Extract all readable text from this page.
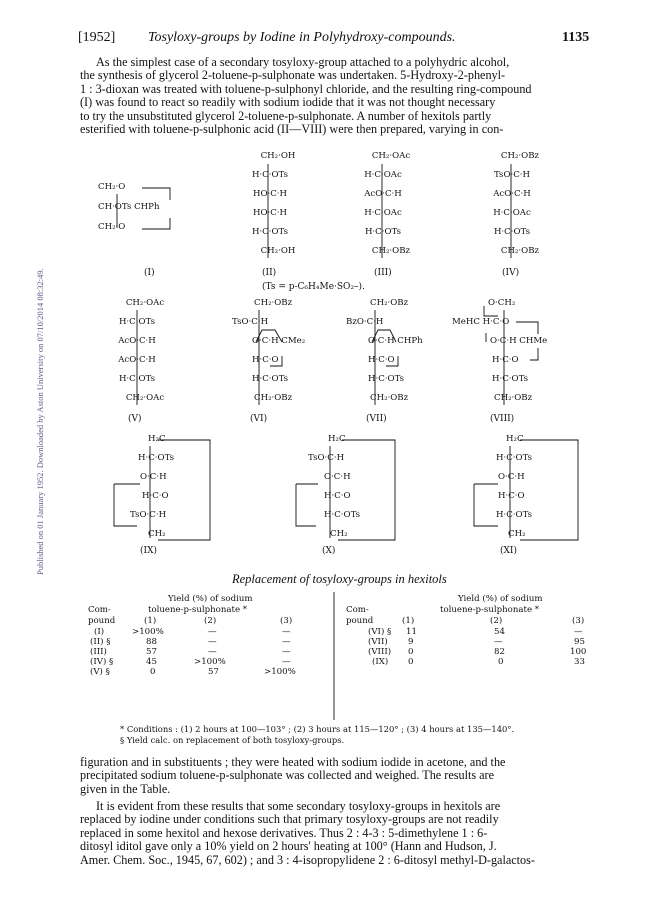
Published on 01 January 1952. Downloaded by Aston University on 07/10/2014 08:32:49.
[1952] Tosyloxy-groups by Iodine in Polyhydroxy-compounds.	1135
As the simplest case of a secondary tosyloxy-group attached to a polyhydric alcohol,
the synthesis of glycerol 2-toluene-p-sulphonate was undertaken. 5-Hydroxy-2-phenyl-
1 : 3-dioxan was treated with toluene-p-sulphonyl chloride, and the resulting ring-compound
(I) was found to react so readily with sodium iodide that it was not thought necessary
to try the unsubstituted glycerol 2-toluene-p-sulphonate. A number of hexitols partly
esterified with toluene-p-sulphonic acid (II—VIII) were then prepared, varying in con-
CH₂·O
CH·OTs CHPh
CH₂·O
(I)
CH₂·OH
H·C·OTs
HO·C·H
HO·C·H
H·C·OTs
CH₂·OH
(II)
CH₂·OAc
H·C·OAc
AcO·C·H
H·C·OAc
H·C·OTs
CH₂·OBz
(III)
CH₂·OBz
TsO·C·H
AcO·C·H
H·C·OAc
H·C·OTs
CH₂·OBz
(IV)
(Ts = p-C₆H₄Me·SO₂–).
CH₂·OAc
H·C·OTs
AcO·C·H
AcO·C·H
H·C·OTs
CH₂·OAc
(V)
CH₂·OBz
TsO·C·H
O·C·H CMe₂
H·C·O
H·C·OTs
CH₂·OBz
(VI)
CH₂·OBz
BzO·C·H
O·C·H CHPh
H·C·O
H·C·OTs
CH₂·OBz
(VII)
O·CH₂
MeHC H·C·O
O·C·H CHMe
H·C·O
H·C·OTs
CH₂·OBz
(VIII)
H₂C
H·C·OTs
O·C·H
H·C·O
TsO·C·H
CH₂
(IX)
H₂C
TsO·C·H
O·C·H
H·C·O
H·C·OTs
CH₂
(X)
H₂C
H·C·OTs
O·C·H
H·C·O
H·C·OTs
CH₂
(XI)
Replacement of tosyloxy-groups in hexitols
Yield (%) of sodium
Com-	toluene-p-sulphonate *
pound	(1)	(2)	(3)
(I)	>100%	—	—
(II) §	88	—	—
(III)	57	—	—
(IV) §	45	>100%	—
(V) §	0	57	>100%
Yield (%) of sodium
Com-	toluene-p-sulphonate *
pound	(1)	(2)	(3)
(VI) § 11	54	—
(VII) 9	—	95
(VIII) 0	82	100
(IX) 0	0	33
* Conditions : (1) 2 hours at 100—103° ; (2) 3 hours at 115—120° ; (3) 4 hours at 135—140°.
§ Yield calc. on replacement of both tosyloxy-groups.
figuration and in substituents ; they were heated with sodium iodide in acetone, and the
precipitated sodium toluene-p-sulphonate was collected and weighed. The results are
given in the Table.
It is evident from these results that some secondary tosyloxy-groups in hexitols are
replaced by iodine under conditions such that primary tosyloxy-groups are not readily
replaced in some hexitol and hexose derivatives. Thus 2 : 4-3 : 5-dimethylene 1 : 6-
ditosyl iditol gave only a 10% yield on 2 hours' heating at 100° (Hann and Hudson, J.
Amer. Chem. Soc., 1945, 67, 602) ; and 3 : 4-isopropylidene 2 : 6-ditosyl methyl-D-galactos-
